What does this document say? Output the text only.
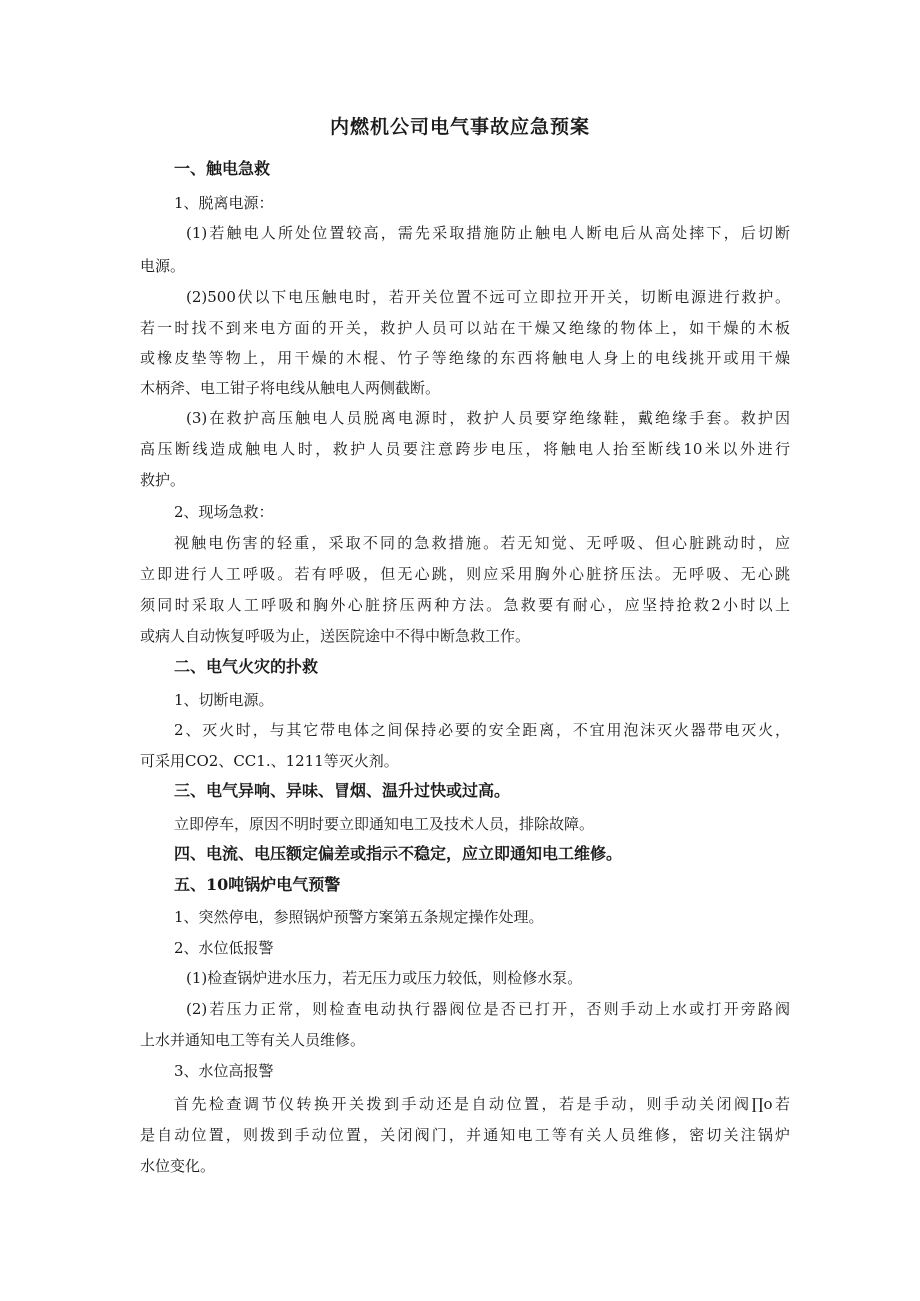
内燃机公司电气事故应急预案
一、触电急救
1、脱离电源：
(1)若触电人所处位置较高，需先采取措施防止触电人断电后从高处摔下，后切断
电源。
(2)500伏以下电压触电时，若开关位置不远可立即拉开开关，切断电源进行救护。
若一时找不到来电方面的开关，救护人员可以站在干燥又绝缘的物体上，如干燥的木板
或橡皮垫等物上，用干燥的木棍、竹子等绝缘的东西将触电人身上的电线挑开或用干燥
木柄斧、电工钳子将电线从触电人两侧截断。
(3)在救护高压触电人员脱离电源时，救护人员要穿绝缘鞋，戴绝缘手套。救护因
高压断线造成触电人时，救护人员要注意跨步电压，将触电人抬至断线10米以外进行
救护。
2、现场急救：
视触电伤害的轻重，采取不同的急救措施。若无知觉、无呼吸、但心脏跳动时，应
立即进行人工呼吸。若有呼吸，但无心跳，则应采用胸外心脏挤压法。无呼吸、无心跳
须同时采取人工呼吸和胸外心脏挤压两种方法。急救要有耐心，应坚持抢救2小时以上
或病人自动恢复呼吸为止，送医院途中不得中断急救工作。
二、电气火灾的扑救
1、切断电源。
2、灭火时，与其它带电体之间保持必要的安全距离，不宜用泡沫灭火器带电灭火，
可采用CO2、CC1.、1211等灭火剂。
三、电气异响、异味、冒烟、温升过快或过高。
立即停车，原因不明时要立即通知电工及技术人员，排除故障。
四、电流、电压额定偏差或指示不稳定，应立即通知电工维修。
五、10吨锅炉电气预警
1、突然停电，参照锅炉预警方案第五条规定操作处理。
2、水位低报警
(1)检查锅炉进水压力，若无压力或压力较低，则检修水泵。
(2)若压力正常，则检查电动执行器阀位是否已打开，否则手动上水或打开旁路阀
上水并通知电工等有关人员维修。
3、水位高报警
首先检查调节仪转换开关拨到手动还是自动位置，若是手动，则手动关闭阀∏o若
是自动位置，则拨到手动位置，关闭阀门，并通知电工等有关人员维修，密切关注锅炉
水位变化。
